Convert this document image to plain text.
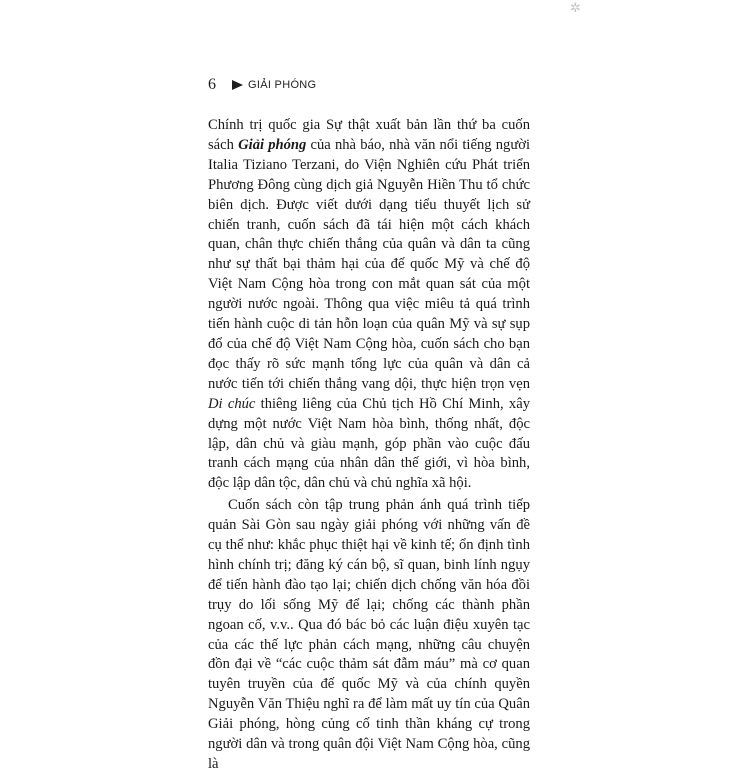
✲
6	GIẢI PHÓNG

Chính trị quốc gia Sự thật xuất bản lần thứ ba cuốn sách Giải phóng của nhà báo, nhà văn nổi tiếng người Italia Tiziano Terzani, do Viện Nghiên cứu Phát triển Phương Đông cùng dịch giả Nguyễn Hiền Thu tổ chức biên dịch. Được viết dưới dạng tiểu thuyết lịch sử chiến tranh, cuốn sách đã tái hiện một cách khách quan, chân thực chiến thắng của quân và dân ta cũng như sự thất bại thảm hại của đế quốc Mỹ và chế độ Việt Nam Cộng hòa trong con mắt quan sát của một người nước ngoài. Thông qua việc miêu tả quá trình tiến hành cuộc di tản hỗn loạn của quân Mỹ và sự sụp đổ của chế độ Việt Nam Cộng hòa, cuốn sách cho bạn đọc thấy rõ sức mạnh tổng lực của quân và dân cả nước tiến tới chiến thắng vang dội, thực hiện trọn vẹn Di chúc thiêng liêng của Chủ tịch Hồ Chí Minh, xây dựng một nước Việt Nam hòa bình, thống nhất, độc lập, dân chủ và giàu mạnh, góp phần vào cuộc đấu tranh cách mạng của nhân dân thế giới, vì hòa bình, độc lập dân tộc, dân chủ và chủ nghĩa xã hội.

Cuốn sách còn tập trung phản ánh quá trình tiếp quản Sài Gòn sau ngày giải phóng với những vấn đề cụ thể như: khắc phục thiệt hại về kinh tế; ổn định tình hình chính trị; đăng ký cán bộ, sĩ quan, binh lính ngụy để tiến hành đào tạo lại; chiến dịch chống văn hóa đồi trụy do lối sống Mỹ để lại; chống các thành phần ngoan cố, v.v.. Qua đó bác bỏ các luận điệu xuyên tạc của các thế lực phản cách mạng, những câu chuyện đồn đại về “các cuộc thảm sát đẫm máu” mà cơ quan tuyên truyền của đế quốc Mỹ và của chính quyền Nguyễn Văn Thiệu nghĩ ra để làm mất uy tín của Quân Giải phóng, hòng củng cố tinh thần kháng cự trong người dân và trong quân đội Việt Nam Cộng hòa, cũng là
